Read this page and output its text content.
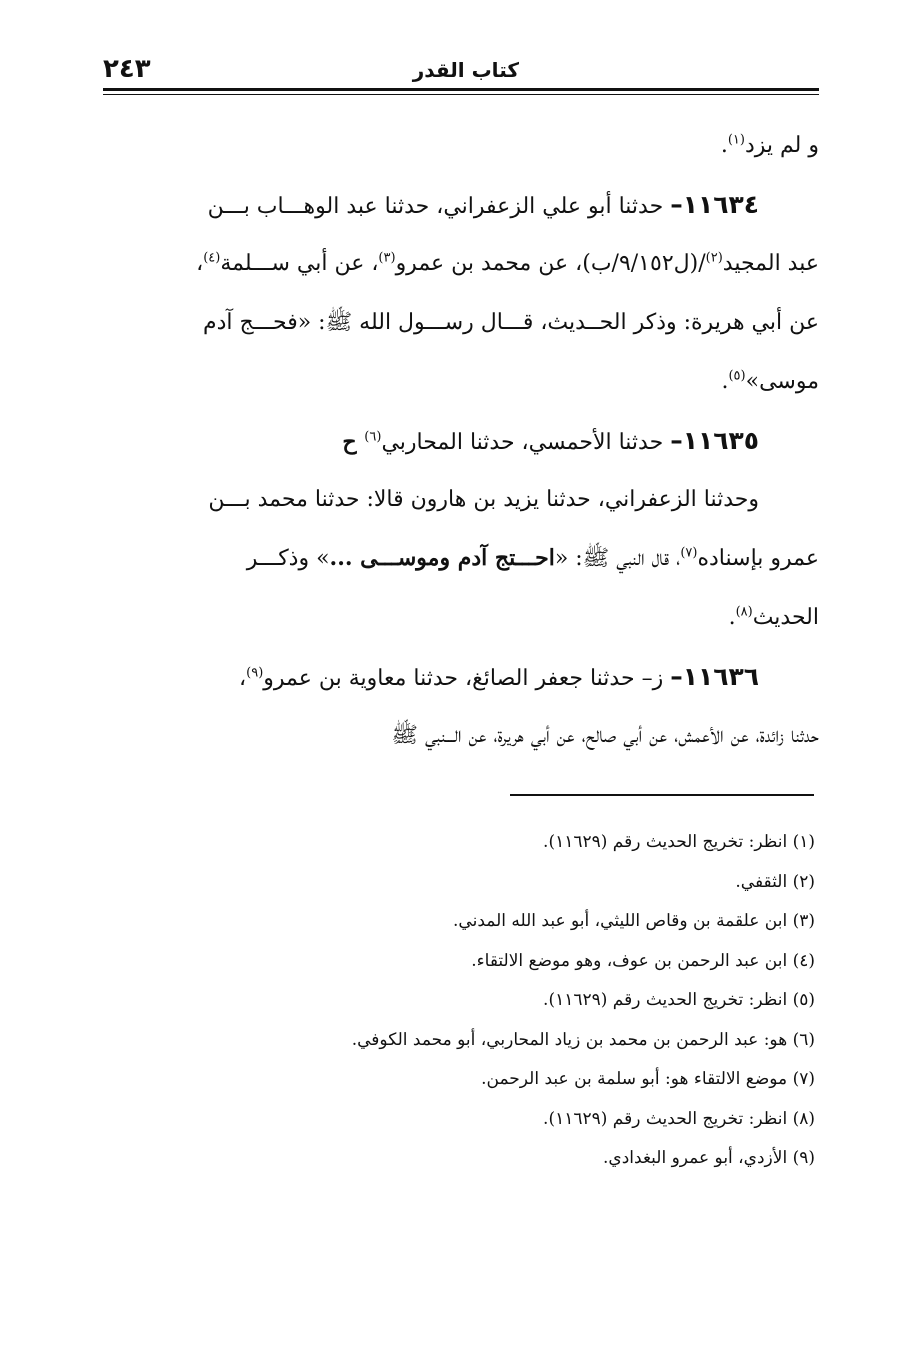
كتاب القدر
٢٤٣
و لم يزد$^{(١)}$.
١١٦٣٤– حدثنا أبو علي الزعفراني، حدثنا عبد الوهـــاب بـــن
عبد المجيد$^{(٢)}$/(ل٩/١٥٢/ب)، عن محمد بن عمرو$^{(٣)}$، عن أبي ســـلمة$^{(٤)}$،
عن أبي هريرة: وذكر الحــديث، قـــال رســـول الله ﷺ: «فحـــج آدم
موسى»$^{(٥)}$.
١١٦٣٥– حدثنا الأحمسي، حدثنا المحاربي$^{(٦)}$ ح
وحدثنا الزعفراني، حدثنا يزيد بن هارون قالا: حدثنا محمد بـــن
عمرو بإسناده$^{(٧)}$، قال النبي ﷺ: «احـــتج آدم وموســـى ...» وذكـــر
الحديث$^{(٨)}$.
١١٦٣٦– ز– حدثنا جعفر الصائغ، حدثنا معاوية بن عمرو$^{(٩)}$،
حدثنا زائدة، عن الأعمش، عن أبي صالح، عن أبي هريرة، عن الـــنبي ﷺ
(١) انظر: تخريج الحديث رقم (١١٦٢٩).
(٢) الثقفي.
(٣) ابن علقمة بن وقاص الليثي، أبو عبد الله المدني.
(٤) ابن عبد الرحمن بن عوف، وهو موضع الالتقاء.
(٥) انظر: تخريج الحديث رقم (١١٦٢٩).
(٦) هو: عبد الرحمن بن محمد بن زياد المحاربي، أبو محمد الكوفي.
(٧) موضع الالتقاء هو: أبو سلمة بن عبد الرحمن.
(٨) انظر: تخريج الحديث رقم (١١٦٢٩).
(٩) الأزدي، أبو عمرو البغدادي.
